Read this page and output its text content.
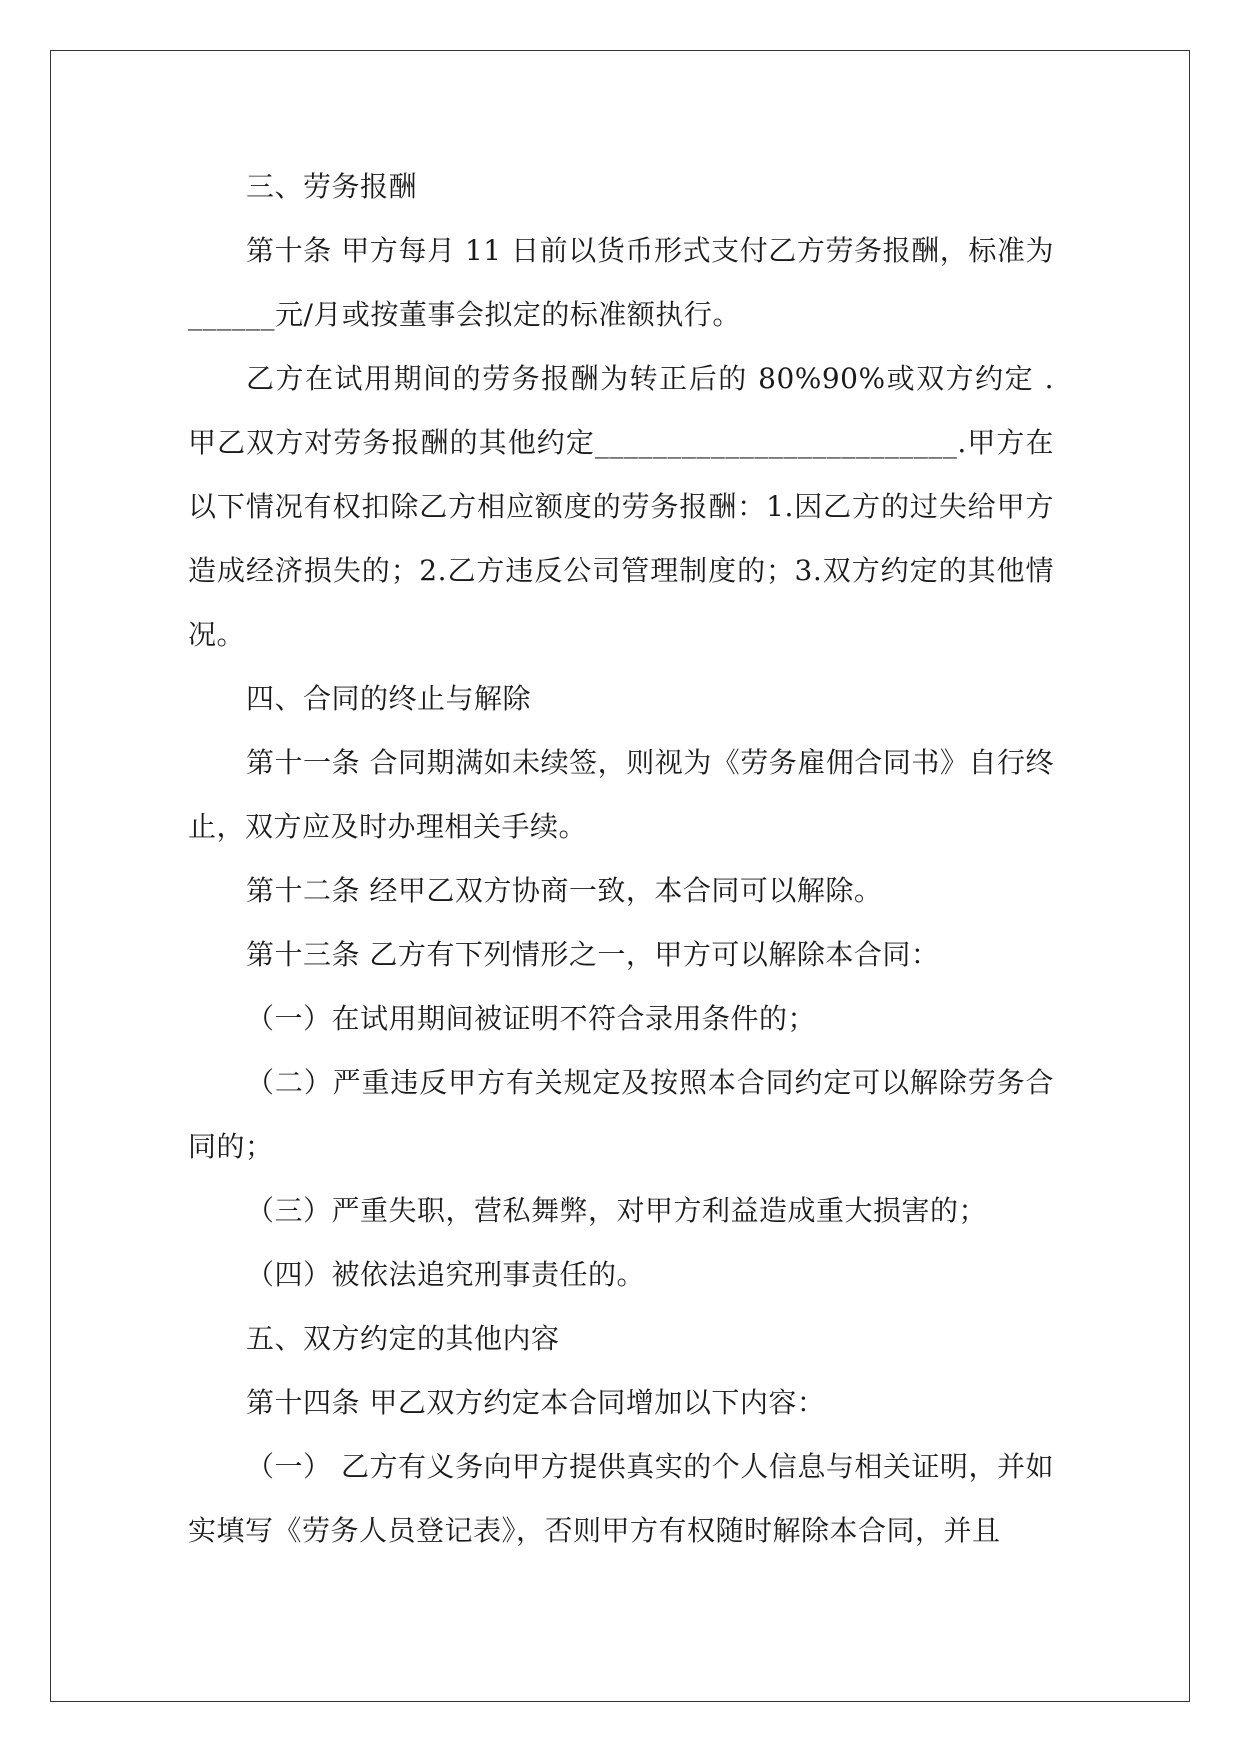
三、劳务报酬

第十条 甲方每月 11 日前以货币形式支付乙方劳务报酬，标准为______元/月或按董事会拟定的标准额执行。

乙方在试用期间的劳务报酬为转正后的 80%90%或双方约定 .甲乙双方对劳务报酬的其他约定_________________________.甲方在以下情况有权扣除乙方相应额度的劳务报酬：1.因乙方的过失给甲方造成经济损失的；2.乙方违反公司管理制度的；3.双方约定的其他情况。

四、合同的终止与解除

第十一条 合同期满如未续签，则视为《劳务雇佣合同书》自行终止，双方应及时办理相关手续。

第十二条 经甲乙双方协商一致，本合同可以解除。

第十三条 乙方有下列情形之一，甲方可以解除本合同：

（一）在试用期间被证明不符合录用条件的；

（二）严重违反甲方有关规定及按照本合同约定可以解除劳务合同的；

（三）严重失职，营私舞弊，对甲方利益造成重大损害的；

（四）被依法追究刑事责任的。

五、双方约定的其他内容

第十四条 甲乙双方约定本合同增加以下内容：

（一） 乙方有义务向甲方提供真实的个人信息与相关证明，并如实填写《劳务人员登记表》，否则甲方有权随时解除本合同，并且
